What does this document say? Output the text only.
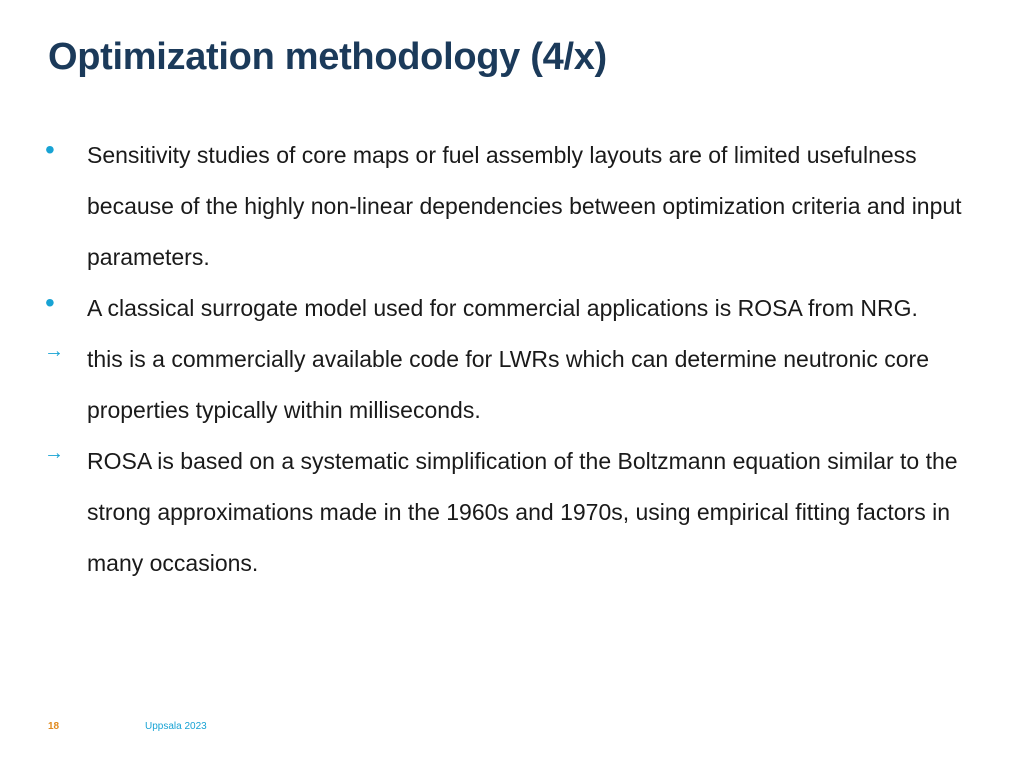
Optimization methodology (4/x)
• Sensitivity studies of core maps or fuel assembly layouts are of limited usefulness because of the highly non-linear dependencies between optimization criteria and input parameters.
• A classical surrogate model used for commercial applications is ROSA from NRG.
→ this is a commercially available code for LWRs which can determine neutronic core properties typically within milliseconds.
→ ROSA is based on a systematic simplification of the Boltzmann equation similar to the strong approximations made in the 1960s and 1970s, using empirical fitting factors in many occasions.
18	Uppsala 2023
